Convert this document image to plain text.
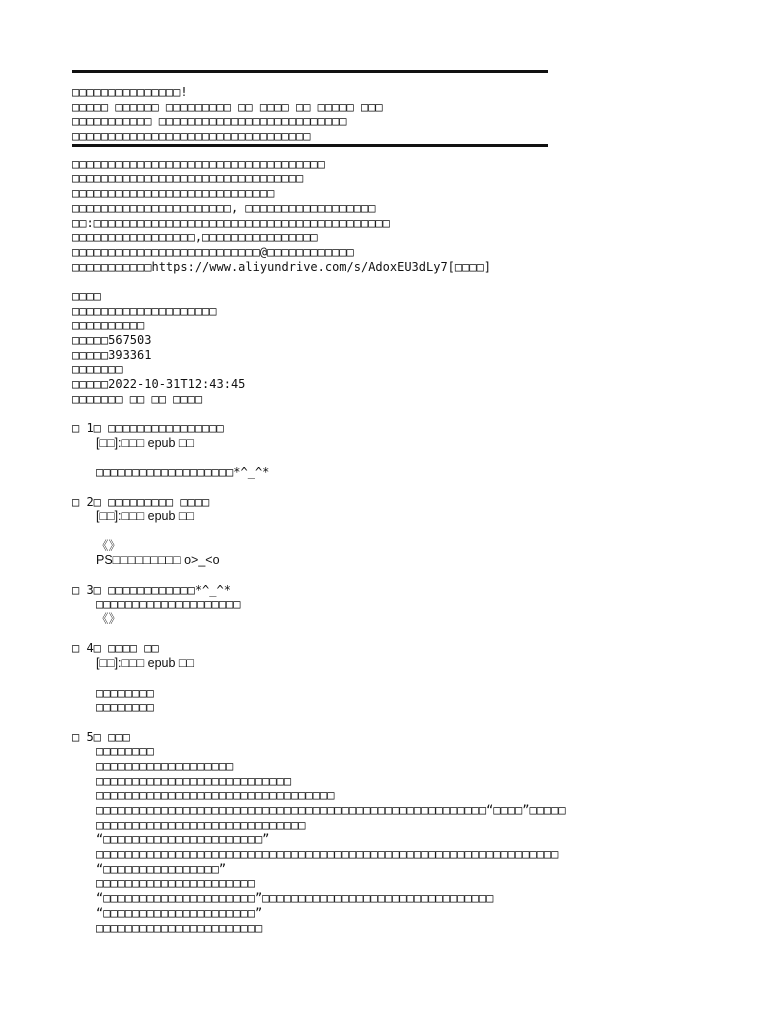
□□□□□□□□□□□□□□□!
□□□□□ □□□□□□ □□□□□□□□□ □□ □□□□ □□ □□□□□ □□□
□□□□□□□□□□□ □□□□□□□□□□□□□□□□□□□□□□□□□□
□□□□□□□□□□□□□□□□□□□□□□□□□□□□□□□□□
□□□□□□□□□□□□□□□□□□□□□□□□□□□□□□□□□□□
□□□□□□□□□□□□□□□□□□□□□□□□□□□□□□□□
□□□□□□□□□□□□□□□□□□□□□□□□□□□□
□□□□□□□□□□□□□□□□□□□□□□, □□□□□□□□□□□□□□□□□□
□□:□□□□□□□□□□□□□□□□□□□□□□□□□□□□□□□□□□□□□□□□□
□□□□□□□□□□□□□□□□□,□□□□□□□□□□□□□□□□
□□□□□□□□□□□□□□□□□□□□□□□□□□@□□□□□□□□□□□□
□□□□□□□□□□□https://www.aliyundrive.com/s/AdoxEU3dLy7[□□□□]
□□□□
□□□□□□□□□□□□□□□□□□□□
□□□□□□□□□□
□□□□□567503
□□□□□393361
□□□□□□□
□□□□□2022-10-31T12:43:45
□□□□□□□ □□ □□ □□□□
□ 1□ □□□□□□□□□□□□□□□□
[□□]:□□□ epub □□
□□□□□□□□□□□□□□□□□□□*^_^*
□ 2□ □□□□□□□□□ □□□□
[□□]:□□□ epub □□
《》
PS□□□□□□□□□ o>_<o
□ 3□ □□□□□□□□□□□□*^_^*
□□□□□□□□□□□□□□□□□□□□
《》
□ 4□ □□□□ □□
[□□]:□□□ epub □□
□□□□□□□□
□□□□□□□□
□ 5□ □□□
□□□□□□□□
□□□□□□□□□□□□□□□□□□□
□□□□□□□□□□□□□□□□□□□□□□□□□□□
□□□□□□□□□□□□□□□□□□□□□□□□□□□□□□□□□
□□□□□□□□□□□□□□□□□□□□□□□□□□□□□□□□□□□□□□□□□□□□□□□□□□□□□□“□□□□”□□□□□
□□□□□□□□□□□□□□□□□□□□□□□□□□□□□
“□□□□□□□□□□□□□□□□□□□□□□”
□□□□□□□□□□□□□□□□□□□□□□□□□□□□□□□□□□□□□□□□□□□□□□□□□□□□□□□□□□□□□□□□
“□□□□□□□□□□□□□□□□”
□□□□□□□□□□□□□□□□□□□□□□
“□□□□□□□□□□□□□□□□□□□□□”□□□□□□□□□□□□□□□□□□□□□□□□□□□□□□□□
“□□□□□□□□□□□□□□□□□□□□□”
□□□□□□□□□□□□□□□□□□□□□□□
